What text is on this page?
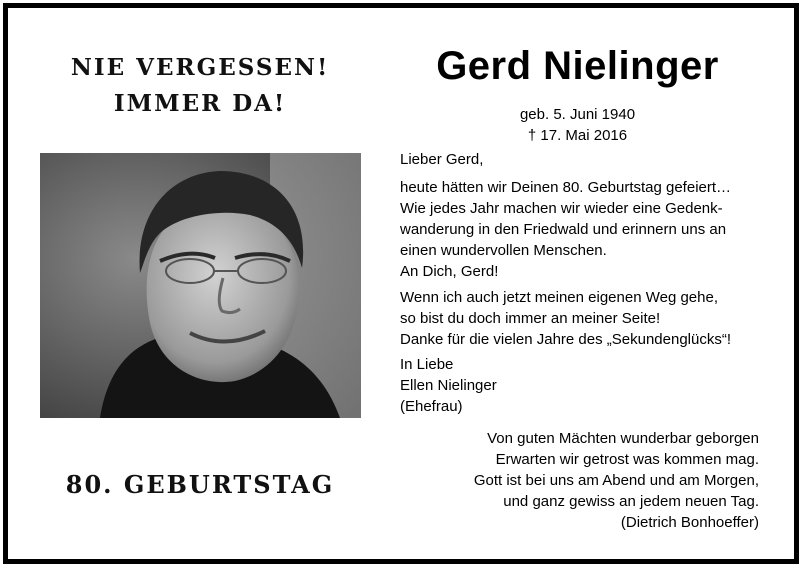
NIE VERGESSEN!
IMMER DA!
80. GEBURTSTAG
Gerd Nielinger
geb. 5. Juni 1940
† 17. Mai 2016
Lieber Gerd,
heute hätten wir Deinen 80. Geburtstag gefeiert…
Wie jedes Jahr machen wir wieder eine Gedenk-
wanderung in den Friedwald und erinnern uns an
einen wundervollen Menschen.
An Dich, Gerd!
Wenn ich auch jetzt meinen eigenen Weg gehe,
so bist du doch immer an meiner Seite!
Danke für die vielen Jahre des „Sekundenglücks“!
In Liebe
Ellen Nielinger
(Ehefrau)
Von guten Mächten wunderbar geborgen
Erwarten wir getrost was kommen mag.
Gott ist bei uns am Abend und am Morgen,
und ganz gewiss an jedem neuen Tag.
(Dietrich Bonhoeffer)
